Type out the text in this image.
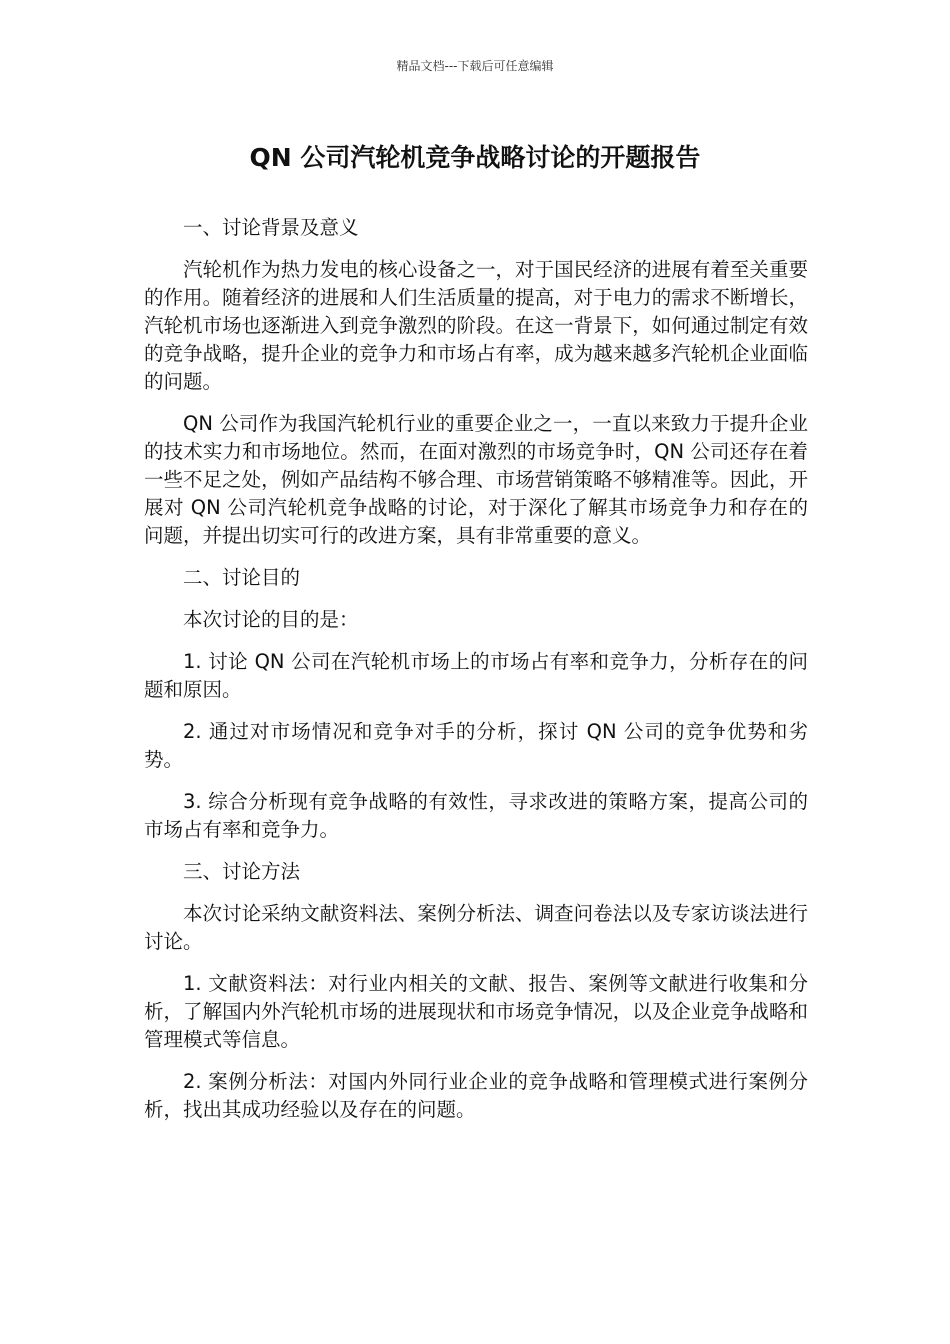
精品文档---下载后可任意编辑
QN 公司汽轮机竞争战略讨论的开题报告

一、讨论背景及意义

汽轮机作为热力发电的核心设备之一，对于国民经济的进展有着至关重要的作用。随着经济的进展和人们生活质量的提高，对于电力的需求不断增长，汽轮机市场也逐渐进入到竞争激烈的阶段。在这一背景下，如何通过制定有效的竞争战略，提升企业的竞争力和市场占有率，成为越来越多汽轮机企业面临的问题。

QN 公司作为我国汽轮机行业的重要企业之一，一直以来致力于提升企业的技术实力和市场地位。然而，在面对激烈的市场竞争时，QN 公司还存在着一些不足之处，例如产品结构不够合理、市场营销策略不够精准等。因此，开展对 QN 公司汽轮机竞争战略的讨论，对于深化了解其市场竞争力和存在的问题，并提出切实可行的改进方案，具有非常重要的意义。

二、讨论目的

本次讨论的目的是：

1. 讨论 QN 公司在汽轮机市场上的市场占有率和竞争力，分析存在的问题和原因。

2. 通过对市场情况和竞争对手的分析，探讨 QN 公司的竞争优势和劣势。

3. 综合分析现有竞争战略的有效性，寻求改进的策略方案，提高公司的市场占有率和竞争力。

三、讨论方法

本次讨论采纳文献资料法、案例分析法、调查问卷法以及专家访谈法进行讨论。

1. 文献资料法：对行业内相关的文献、报告、案例等文献进行收集和分析，了解国内外汽轮机市场的进展现状和市场竞争情况，以及企业竞争战略和管理模式等信息。

2. 案例分析法：对国内外同行业企业的竞争战略和管理模式进行案例分析，找出其成功经验以及存在的问题。
